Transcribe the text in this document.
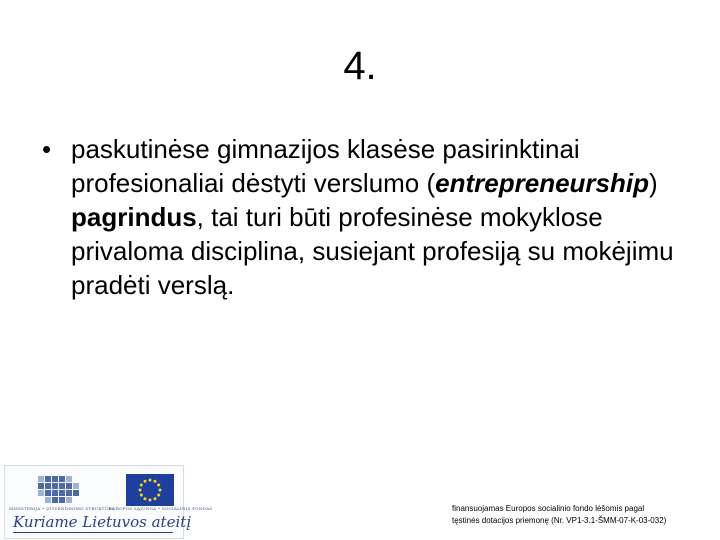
4.
• paskutinėse gimnazijos klasėse pasirinktinai profesionaliai dėstyti verslumo (entrepreneurship) pagrindus, tai turi būti profesinėse mokyklose privaloma disciplina, susiejant profesiją su mokėjimu pradėti verslą.
MINISTERIJA • ĮGYVENDINIMO STRUKTŪRA
EUROPOS SĄJUNGA • SOCIALINIS FONDAS
Kuriame Lietuvos ateitį
finansuojamas Europos socialinio fondo lėšomis pagal
tęstinės dotacijos priemonę (Nr. VP1-3.1-ŠMM-07-K-03-032)
